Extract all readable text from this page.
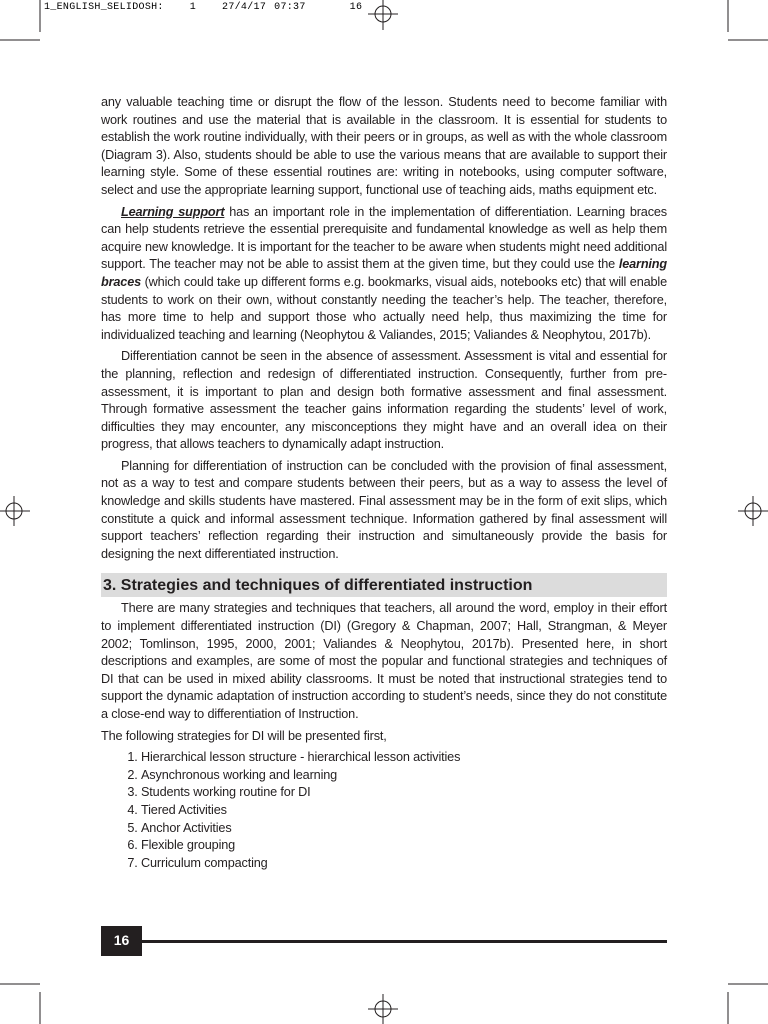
1_ENGLISH_SELIDOSH:	1	27/4/17 07:37	16

any valuable teaching time or disrupt the flow of the lesson. Students need to become familiar with work routines and use the material that is available in the classroom. It is essential for students to establish the work routine individually, with their peers or in groups, as well as with the whole classroom (Diagram 3). Also, students should be able to use the various means that are available to support their learning style. Some of these essential routines are: writing in notebooks, using computer software, select and use the appropriate learning support, functional use of teaching aids, maths equipment etc.

Learning support has an important role in the implementation of differentiation. Learning braces can help students retrieve the essential prerequisite and fundamental knowledge as well as help them acquire new knowledge. It is important for the teacher to be aware when students might need additional support. The teacher may not be able to assist them at the given time, but they could use the learning braces (which could take up different forms e.g. bookmarks, visual aids, notebooks etc) that will enable students to work on their own, without constantly needing the teacher’s help. The teacher, therefore, has more time to help and support those who actually need help, thus maximizing the time for individualized teaching and learning (Neophytou & Valiandes, 2015; Valiandes & Neophytou, 2017b).

Differentiation cannot be seen in the absence of assessment. Assessment is vital and essential for the planning, reflection and redesign of differentiated instruction. Consequently, further from pre-assessment, it is important to plan and design both formative assessment and final assessment. Through formative assessment the teacher gains information regarding the students’ level of work, difficulties they may encounter, any misconceptions they might have and an overall idea on their progress, that allows teachers to dynamically adapt instruction.

Planning for differentiation of instruction can be concluded with the provision of final assessment, not as a way to test and compare students between their peers, but as a way to assess the level of knowledge and skills students have mastered. Final assessment may be in the form of exit slips, which constitute a quick and informal assessment technique. Information gathered by final assessment will support teachers’ reflection regarding their instruction and simultaneously provide the basis for designing the next differentiated instruction.

3. Strategies and techniques of differentiated instruction

There are many strategies and techniques that teachers, all around the word, employ in their effort to implement differentiated instruction (DI) (Gregory & Chapman, 2007; Hall, Strangman, & Meyer 2002; Tomlinson, 1995, 2000, 2001; Valiandes & Neophytou, 2017b). Presented here, in short descriptions and examples, are some of most the popular and functional strategies and techniques of DI that can be used in mixed ability classrooms. It must be noted that instructional strategies tend to support the dynamic adaptation of instruction according to student’s needs, since they do not constitute a close-end way to differentiation of Instruction.

The following strategies for DI will be presented first,

1. Hierarchical lesson structure - hierarchical lesson activities
2. Asynchronous working and learning
3. Students working routine for DI
4. Tiered Activities
5. Anchor Activities
6. Flexible grouping
7. Curriculum compacting
16
